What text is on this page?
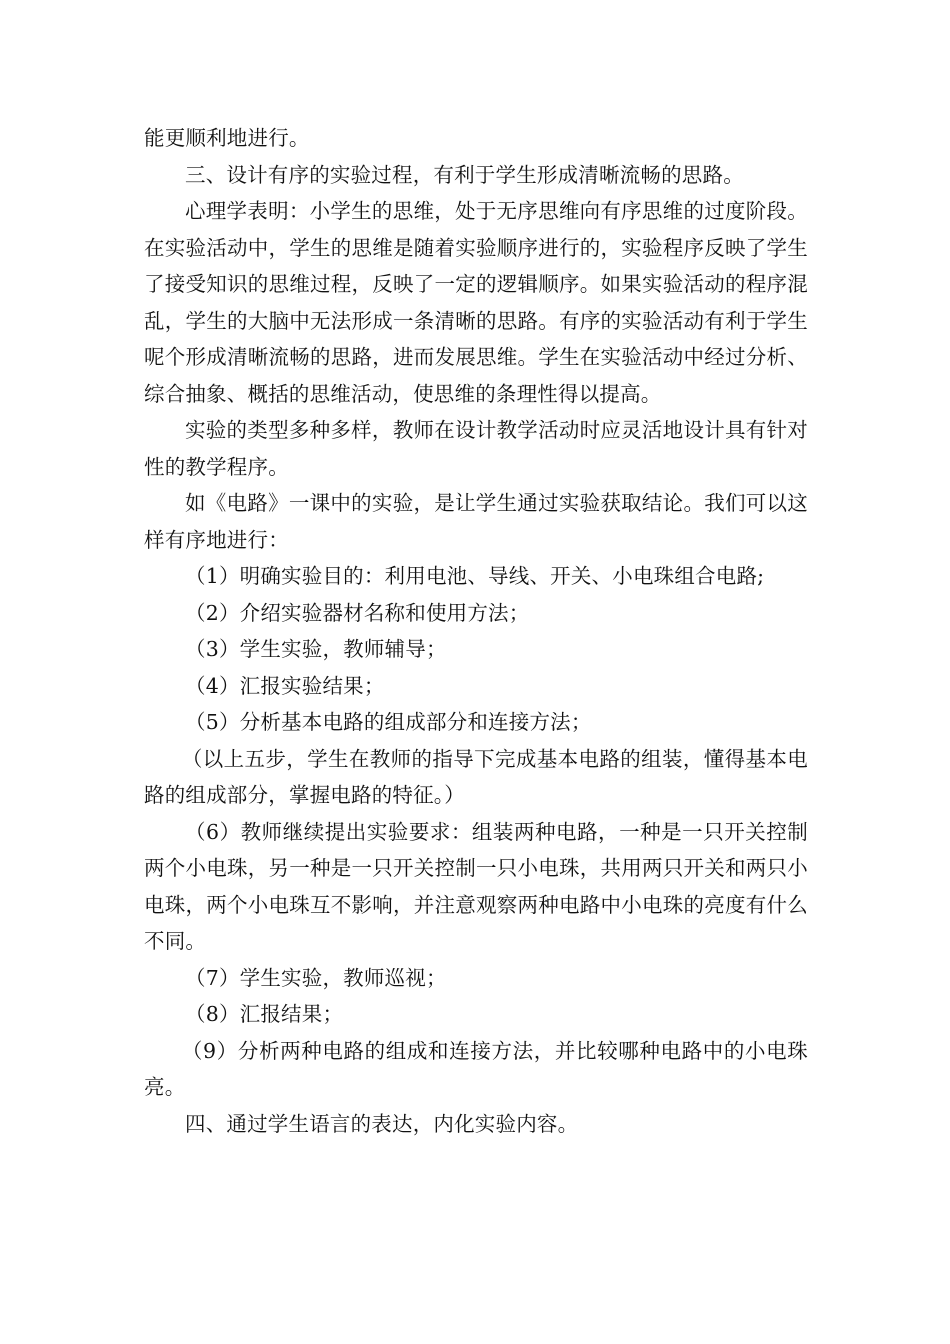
能更顺利地进行。

三、设计有序的实验过程，有利于学生形成清晰流畅的思路。

心理学表明：小学生的思维，处于无序思维向有序思维的过度阶段。在实验活动中，学生的思维是随着实验顺序进行的，实验程序反映了学生了接受知识的思维过程，反映了一定的逻辑顺序。如果实验活动的程序混乱，学生的大脑中无法形成一条清晰的思路。有序的实验活动有利于学生呢个形成清晰流畅的思路，进而发展思维。学生在实验活动中经过分析、综合抽象、概括的思维活动，使思维的条理性得以提高。

实验的类型多种多样，教师在设计教学活动时应灵活地设计具有针对性的教学程序。

如《电路》一课中的实验，是让学生通过实验获取结论。我们可以这样有序地进行：

（1）明确实验目的：利用电池、导线、开关、小电珠组合电路;

（2）介绍实验器材名称和使用方法；

（3）学生实验，教师辅导；

（4）汇报实验结果；

（5）分析基本电路的组成部分和连接方法；

（以上五步，学生在教师的指导下完成基本电路的组装，懂得基本电路的组成部分，掌握电路的特征。）

（6）教师继续提出实验要求：组装两种电路，一种是一只开关控制两个小电珠，另一种是一只开关控制一只小电珠，共用两只开关和两只小电珠，两个小电珠互不影响，并注意观察两种电路中小电珠的亮度有什么不同。

（7）学生实验，教师巡视；

（8）汇报结果；

（9）分析两种电路的组成和连接方法，并比较哪种电路中的小电珠亮。

四、通过学生语言的表达，内化实验内容。
